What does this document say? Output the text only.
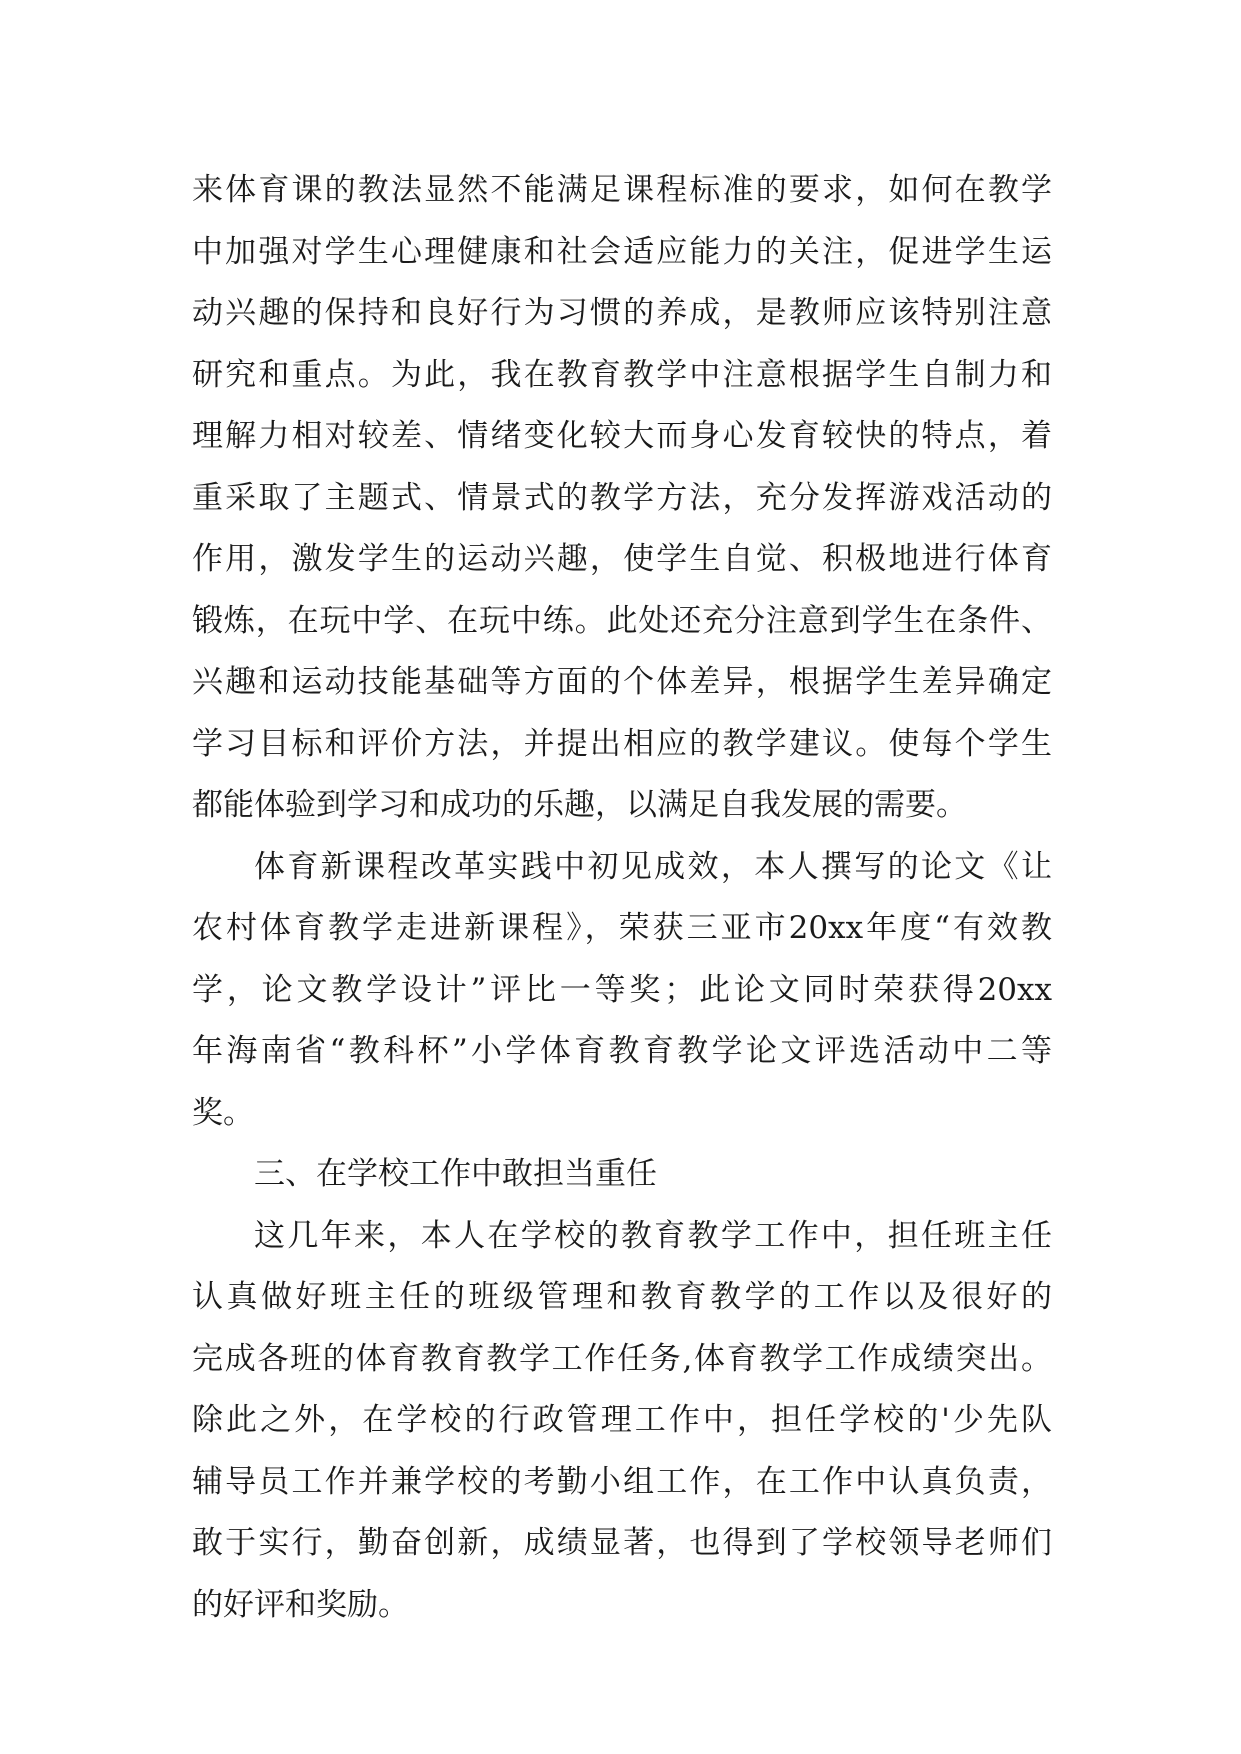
来体育课的教法显然不能满足课程标准的要求，如何在教学
中加强对学生心理健康和社会适应能力的关注，促进学生运
动兴趣的保持和良好行为习惯的养成，是教师应该特别注意
研究和重点。为此，我在教育教学中注意根据学生自制力和
理解力相对较差、情绪变化较大而身心发育较快的特点，着
重采取了主题式、情景式的教学方法，充分发挥游戏活动的
作用，激发学生的运动兴趣，使学生自觉、积极地进行体育
锻炼，在玩中学、在玩中练。此处还充分注意到学生在条件、
兴趣和运动技能基础等方面的个体差异，根据学生差异确定
学习目标和评价方法，并提出相应的教学建议。使每个学生
都能体验到学习和成功的乐趣，以满足自我发展的需要。
体育新课程改革实践中初见成效，本人撰写的论文《让
农村体育教学走进新课程》，荣获三亚市20xx年度“有效教
学，论文教学设计”评比一等奖；此论文同时荣获得20xx
年海南省“教科杯”小学体育教育教学论文评选活动中二等
奖。
三、在学校工作中敢担当重任
这几年来，本人在学校的教育教学工作中，担任班主任
认真做好班主任的班级管理和教育教学的工作以及很好的
完成各班的体育教育教学工作任务,体育教学工作成绩突出。
除此之外，在学校的行政管理工作中，担任学校的'少先队
辅导员工作并兼学校的考勤小组工作，在工作中认真负责，
敢于实行，勤奋创新，成绩显著，也得到了学校领导老师们
的好评和奖励。
